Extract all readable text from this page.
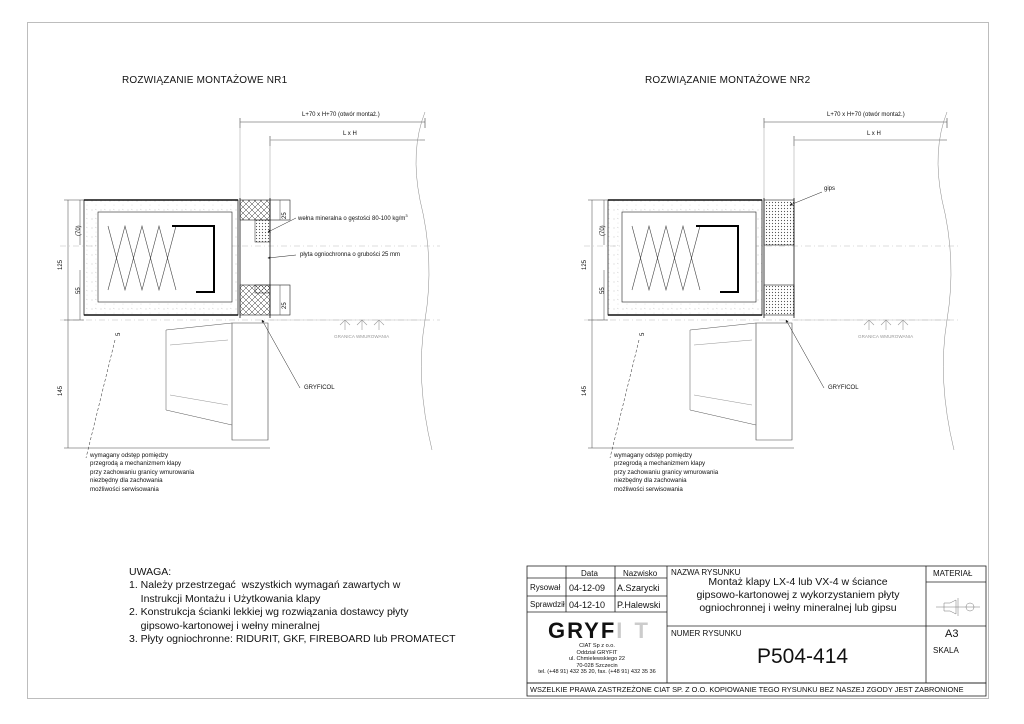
ROZWIĄZANIE MONTAŻOWE NR1	ROZWIĄZANIE MONTAŻOWE NR2
L+70 x H+70 (otwór montaż.)
L x H
wełna mineralna o gęstości 80-100 $kg/m^3$
płyta ogniochronna o grubości 25 mm
GRYFICOL
25
25
(70)
125
55
5
145
GRANICA WMUROWANIA
wymagany odstęp pomiędzy
przegrodą a mechanizmem klapy
przy zachowaniu granicy wmurowania
niezbędny dla zachowania
możliwości serwisowania
L+70 x H+70 (otwór montaż.)
L x H
gips
GRYFICOL
(70)
125
55
5
145
GRANICA WMUROWANIA
wymagany odstęp pomiędzy
przegrodą a mechanizmem klapy
przy zachowaniu granicy wmurowania
niezbędny dla zachowania
możliwości serwisowania
UWAGA:
1. Należy przestrzegać  wszystkich wymagań zawartych w
Instrukcji Montażu i Użytkowania klapy
2. Konstrukcja ścianki lekkiej wg rozwiązania dostawcy płyty
gipsowo-kartonowej i wełny mineralnej
3. Płyty ogniochronne: RIDURIT, GKF, FIREBOARD lub PROMATECT
Data	Nazwisko
Rysował 04-12-09 A.Szarycki
Sprawdził 04-12-10 P.Halewski
GRYFI T
CIAT Sp z o.o.
Oddział GRYFIT
ul. Chmielewskiego 22
70-028 Szczecin
tel. (+48 91) 432 35 20, fax. (+48 91) 432 35 36
NAZWA RYSUNKU
Montaż klapy LX-4 lub VX-4 w ściance
gipsowo-kartonowej z wykorzystaniem płyty
ogniochronnej i wełny mineralnej lub gipsu
MATERIAŁ
NUMER RYSUNKU
P504-414
A3
SKALA
WSZELKIE PRAWA ZASTRZEŻONE CIAT SP. Z O.O. KOPIOWANIE TEGO RYSUNKU BEZ NASZEJ ZGODY JEST ZABRONIONE
